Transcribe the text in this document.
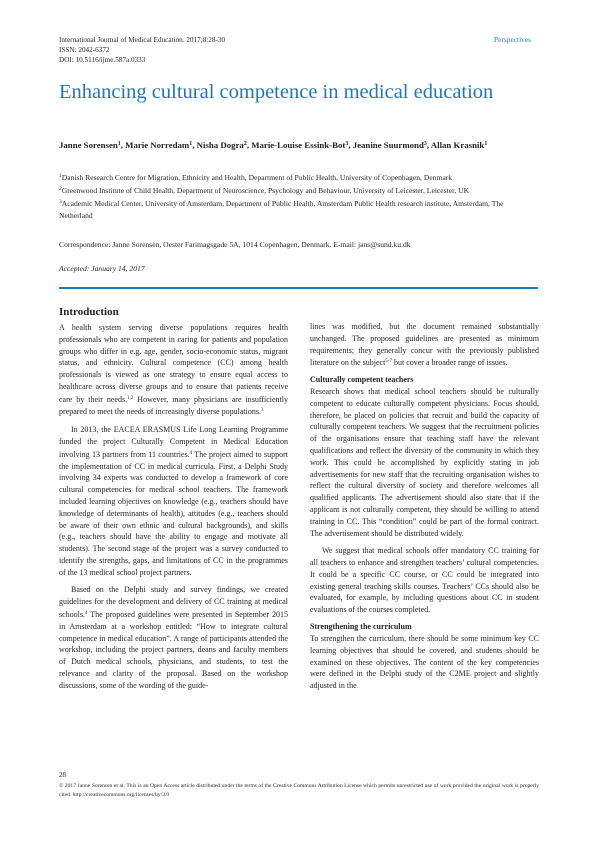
International Journal of Medical Education. 2017;8:28-30
ISSN: 2042-6372
DOI: 10.5116/ijme.587a.0333
Perspectives
Enhancing cultural competence in medical education
Janne Sorensen$^1$, Marie Norredam$^1$, Nisha Dogra$^2$, Marie-Louise Essink-Bot$^3$, Jeanine Suurmond$^3$, Allan Krasnik$^1$

$^1$Danish Research Centre for Migration, Ethnicity and Health, Department of Public Health, University of Copenhagen, Denmark

$^2$Greenwood Institute of Child Health, Department of Neuroscience, Psychology and Behaviour, University of Leicester, Leicester, UK

$^3$Academic Medical Center, University of Amsterdam, Department of Public Health, Amsterdam Public Health research institute, Amsterdam, The Netherland

Correspondence: Janne Sorensen, Oester Farimagsgade 5A, 1014 Copenhagen, Denmark. E-mail: jans@sund.ku.dk
Accepted: January 14, 2017
Introduction

A health system serving diverse populations requires health professionals who are competent in caring for patients and population groups who differ in e.g. age, gender, socio-economic status, migrant status, and ethnicity. Cultural competence (CC) among health professionals is viewed as one strategy to ensure equal access to healthcare across diverse groups and to ensure that patients receive care by their needs.$^{1,2}$ However, many physicians are insufficiently prepared to meet the needs of increasingly diverse populations.$^3$

In 2013, the EACEA ERASMUS Life Long Learning Programme funded the project Culturally Competent in Medical Education involving 13 partners from 11 countries.$^4$ The project aimed to support the implementation of CC in medical curricula. First, a Delphi Study involving 34 experts was conducted to develop a framework of core cultural competencies for medical school teachers. The framework included learning objectives on knowledge (e.g., teachers should have knowledge of determinants of health), attitudes (e.g., teachers should be aware of their own ethnic and cultural backgrounds), and skills (e.g., teachers should have the ability to engage and motivate all students). The second stage of the project was a survey conducted to identify the strengths, gaps, and limitations of CC in the programmes of the 13 medical school project partners.

Based on the Delphi study and survey findings, we created guidelines for the development and delivery of CC training at medical schools.$^4$ The proposed guidelines were presented in September 2015 in Amsterdam at a workshop entitled: “How to integrate cultural competence in medical education”. A range of participants attended the workshop, including the project partners, deans and faculty members of Dutch medical schools, physicians, and students, to test the relevance and clarity of the proposal. Based on the workshop discussions, some of the wording of the guide-

lines was modified, but the document remained substantially unchanged. The proposed guidelines are presented as minimum requirements; they generally concur with the previously published literature on the subject$^{5-7}$ but cover a broader range of issues.

Culturally competent teachers

Research shows that medical school teachers should be culturally competent to educate culturally competent physicians. Focus should, therefore, be placed on policies that recruit and build the capacity of culturally competent teachers. We suggest that the recruitment policies of the organisations ensure that teaching staff have the relevant qualifications and reflect the diversity of the community in which they work. This could be accomplished by explicitly stating in job advertisements for new staff that the recruiting organisation wishes to reflect the cultural diversity of society and therefore welcomes all qualified applicants. The advertisement should also state that if the applicant is not culturally competent, they should be willing to attend training in CC. This “condition” could be part of the formal contract. The advertisement should be distributed widely.

We suggest that medical schools offer mandatory CC training for all teachers to enhance and strengthen teachers’ cultural competencies. It could be a specific CC course, or CC could be integrated into existing general teaching skills courses. Teachers’ CCs should also be evaluated, for example, by including questions about CC in student evaluations of the courses completed.

Strengthening the curriculum

To strengthen the curriculum, there should be some minimum key CC learning objectives that should be covered, and students should be examined on these objectives. The content of the key competencies were defined in the Delphi study of the C2ME project and slightly adjusted in the

28
© 2017 Janne Sorensen et al. This is an Open Access article distributed under the terms of the Creative Commons Attribution License which permits unrestricted use of work provided the original work is properly cited. http://creativecommons.org/licenses/by/3.0
